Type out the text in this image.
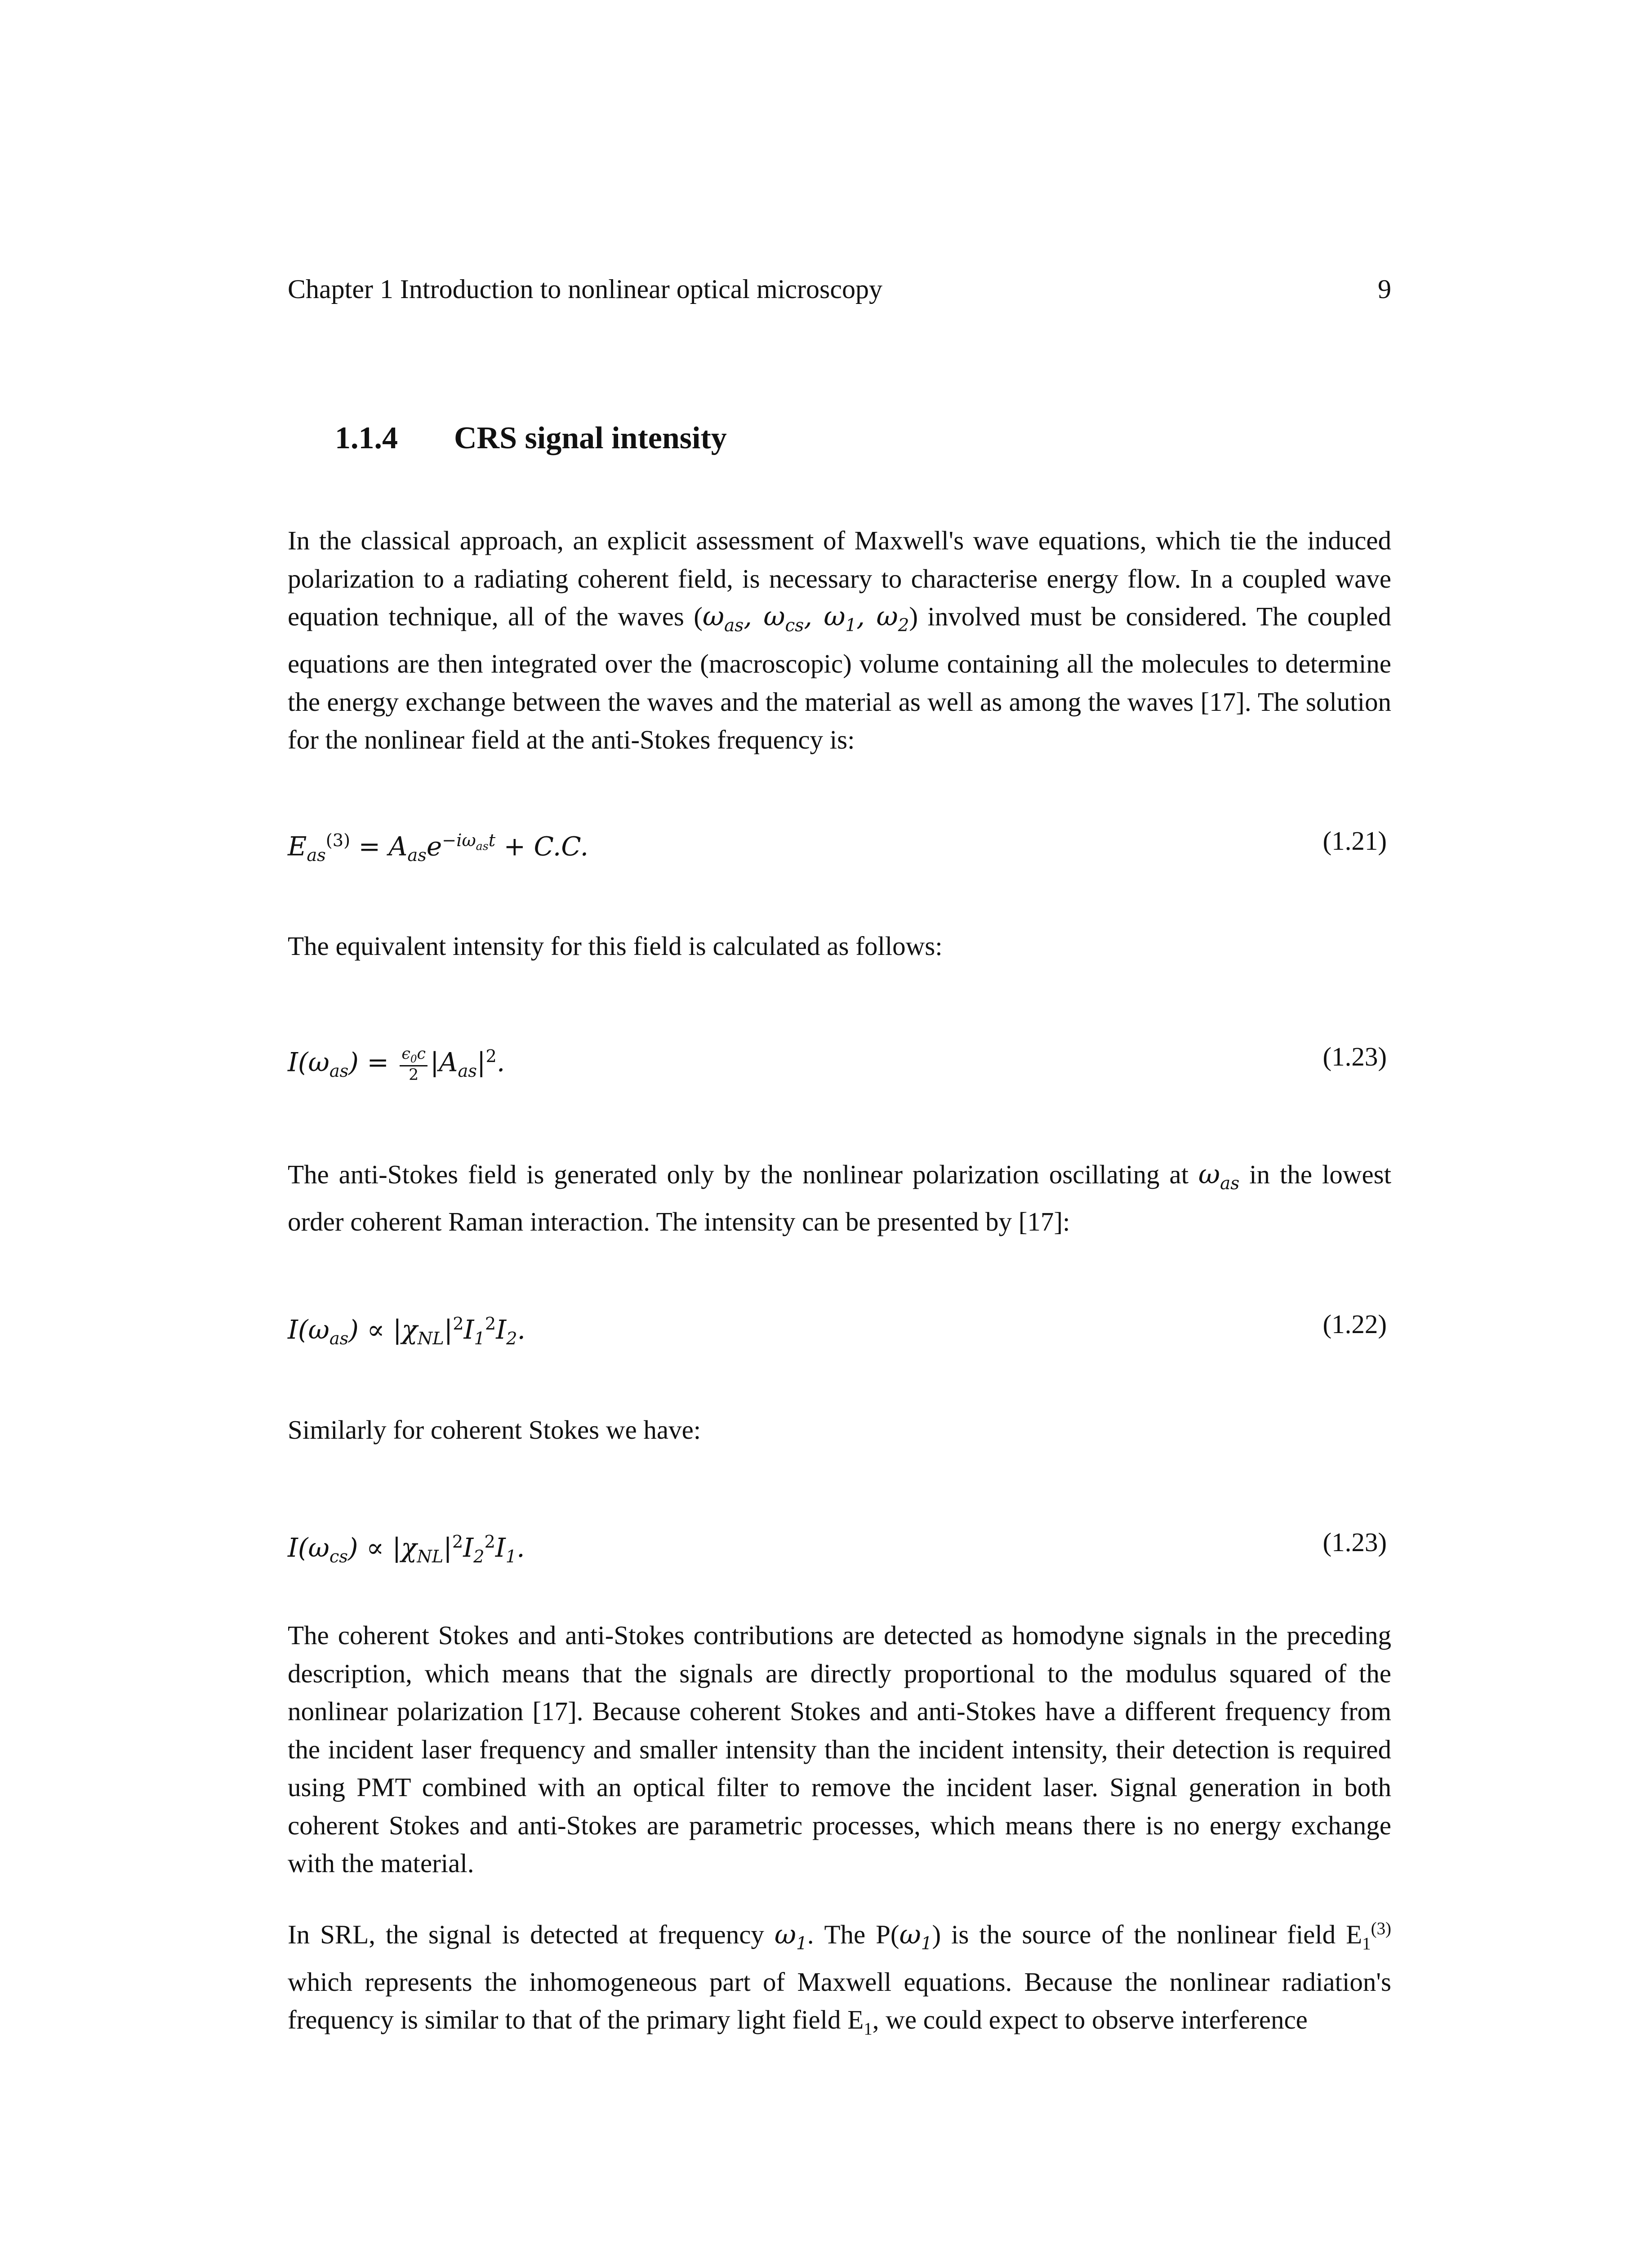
Chapter 1 Introduction to nonlinear optical microscopy	9
1.1.4 CRS signal intensity

In the classical approach, an explicit assessment of Maxwell's wave equations, which tie the induced polarization to a radiating coherent field, is necessary to characterise energy flow. In a coupled wave equation technique, all of the waves ($\omega_{as}$, $\omega_{cs}$, $\omega_1$, $\omega_2$) involved must be considered. The coupled equations are then integrated over the (macroscopic) volume containing all the molecules to determine the energy exchange between the waves and the material as well as among the waves [17]. The solution for the nonlinear field at the anti-Stokes frequency is:

$E_{as}^{(3)} = A_{as}e^{-i\omega_{as}t} + C.C$.	(1.21)

The equivalent intensity for this field is calculated as follows:

$I(\omega_{as}) = \frac{\epsilon_0c}{2} |A_{as}|^2$.	(1.23)

The anti-Stokes field is generated only by the nonlinear polarization oscillating at $\omega_{as}$ in the lowest order coherent Raman interaction. The intensity can be presented by [17]:

$I(\omega_{as}) \propto |\chi_{NL}|^2I_1^2I_2$.	(1.22)

Similarly for coherent Stokes we have:

$I(\omega_{cs}) \propto |\chi_{NL}|^2I_2^2I_1$.	(1.23)

The coherent Stokes and anti-Stokes contributions are detected as homodyne signals in the preceding description, which means that the signals are directly proportional to the modulus squared of the nonlinear polarization [17]. Because coherent Stokes and anti-Stokes have a different frequency from the incident laser frequency and smaller intensity than the incident intensity, their detection is required using PMT combined with an optical filter to remove the incident laser. Signal generation in both coherent Stokes and anti-Stokes are parametric processes, which means there is no energy exchange with the material.

In SRL, the signal is detected at frequency $\omega_1$. The $P(\omega_1)$ is the source of the nonlinear field $E_1^{(3)}$ which represents the inhomogeneous part of Maxwell equations. Because the nonlinear radiation's frequency is similar to that of the primary light field $E_1$, we could expect to observe interference
